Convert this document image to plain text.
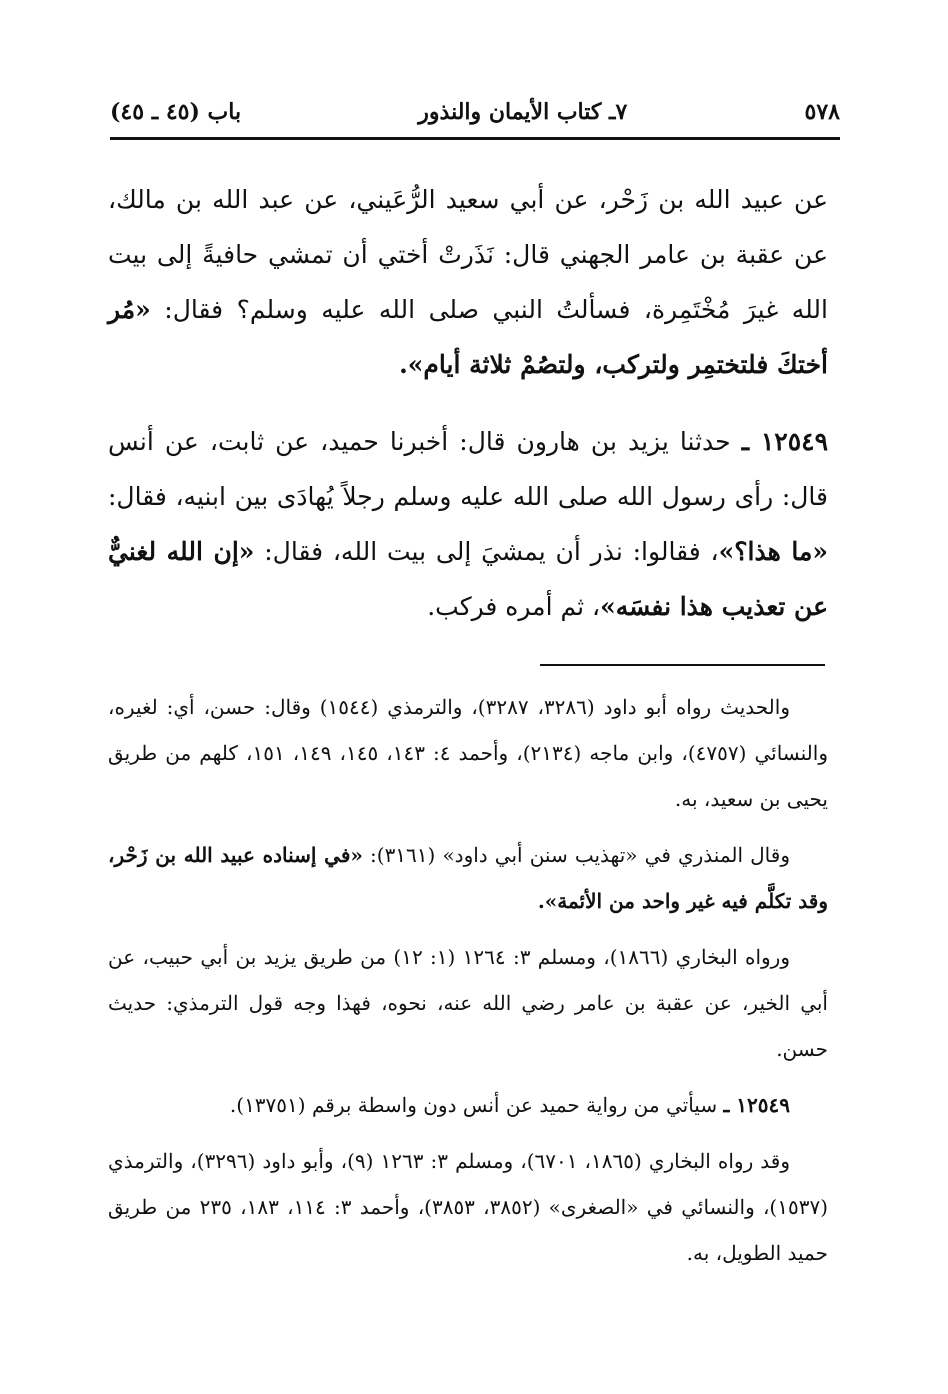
باب (٤٥ ـ ٤٥)	٧ـ كتاب الأيمان والنذور	٥٧٨

عن عبيد الله بن زَحْر، عن أبي سعيد الرُّعَيني، عن عبد الله بن مالك، عن عقبة بن عامر الجهني قال: نَذَرتْ أختي أن تمشي حافيةً إلى بيت الله غيرَ مُخْتَمِرة، فسألتُ النبي صلى الله عليه وسلم؟ فقال: «مُر أختكَ فلتختمِر ولتركب، ولتصُمْ ثلاثة أيام».

١٢٥٤٩ ـ حدثنا يزيد بن هارون قال: أخبرنا حميد، عن ثابت، عن أنس قال: رأى رسول الله صلى الله عليه وسلم رجلاً يُهادَى بين ابنيه، فقال: «ما هذا؟»، فقالوا: نذر أن يمشيَ إلى بيت الله، فقال: «إن الله لغنيٌّ عن تعذيب هذا نفسَه»، ثم أمره فركب.

والحديث رواه أبو داود (٣٢٨٦، ٣٢٨٧)، والترمذي (١٥٤٤) وقال: حسن، أي: لغيره، والنسائي (٤٧٥٧)، وابن ماجه (٢١٣٤)، وأحمد ٤: ١٤٣، ١٤٥، ١٤٩، ١٥١، كلهم من طريق يحيى بن سعيد، به.

وقال المنذري في «تهذيب سنن أبي داود» (٣١٦١): «في إسناده عبيد الله بن زَحْر، وقد تكلَّم فيه غير واحد من الأئمة».

ورواه البخاري (١٨٦٦)، ومسلم ٣: ١٢٦٤ (١: ١٢) من طريق يزيد بن أبي حبيب، عن أبي الخير، عن عقبة بن عامر رضي الله عنه، نحوه، فهذا وجه قول الترمذي: حديث حسن.

١٢٥٤٩ ـ سيأتي من رواية حميد عن أنس دون واسطة برقم (١٣٧٥١).

وقد رواه البخاري (١٨٦٥، ٦٧٠١)، ومسلم ٣: ١٢٦٣ (٩)، وأبو داود (٣٢٩٦)، والترمذي (١٥٣٧)، والنسائي في «الصغرى» (٣٨٥٢، ٣٨٥٣)، وأحمد ٣: ١١٤، ١٨٣، ٢٣٥ من طريق حميد الطويل، به.
